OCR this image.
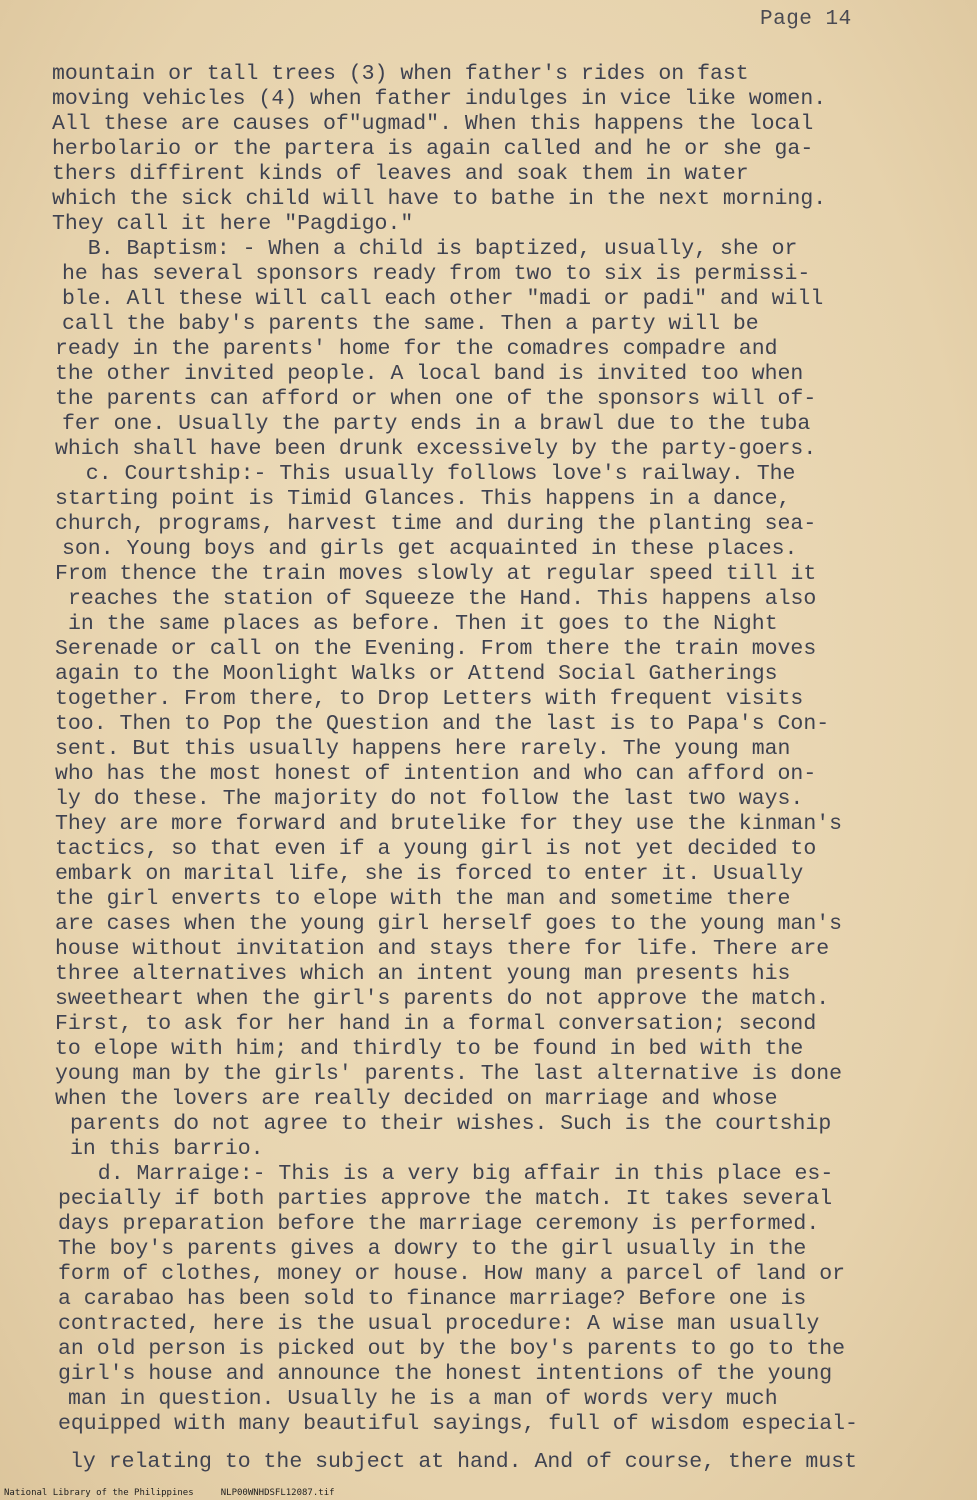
Page 14
mountain or tall trees (3) when father's rides on fast
moving vehicles (4) when father indulges in vice like women.
All these are causes of"ugmad". When this happens the local
herbolario or the partera is again called and he or she ga-
thers diffirent kinds of leaves and soak them in water
which the sick child will have to bathe in the next morning.
They call it here "Pagdigo."
B. Baptism: - When a child is baptized, usually, she or
he has several sponsors ready from two to six is permissi-
ble. All these will call each other "madi or padi" and will
call the baby's parents the same. Then a party will be
ready in the parents' home for the comadres compadre and
the other invited people. A local band is invited too when
the parents can afford or when one of the sponsors will of-
fer one. Usually the party ends in a brawl due to the tuba
which shall have been drunk excessively by the party-goers.
c. Courtship:- This usually follows love's railway. The
starting point is Timid Glances. This happens in a dance,
church, programs, harvest time and during the planting sea-
son. Young boys and girls get acquainted in these places.
From thence the train moves slowly at regular speed till it
reaches the station of Squeeze the Hand. This happens also
in the same places as before. Then it goes to the Night
Serenade or call on the Evening. From there the train moves
again to the Moonlight Walks or Attend Social Gatherings
together. From there, to Drop Letters with frequent visits
too. Then to Pop the Question and the last is to Papa's Con-
sent. But this usually happens here rarely. The young man
who has the most honest of intention and who can afford on-
ly do these. The majority do not follow the last two ways.
They are more forward and brutelike for they use the kinman's
tactics, so that even if a young girl is not yet decided to
embark on marital life, she is forced to enter it. Usually
the girl enverts to elope with the man and sometime there
are cases when the young girl herself goes to the young man's
house without invitation and stays there for life. There are
three alternatives which an intent young man presents his
sweetheart when the girl's parents do not approve the match.
First, to ask for her hand in a formal conversation; second
to elope with him; and thirdly to be found in bed with the
young man by the girls' parents. The last alternative is done
when the lovers are really decided on marriage and whose
parents do not agree to their wishes. Such is the courtship
in this barrio.
d. Marraige:- This is a very big affair in this place es-
pecially if both parties approve the match. It takes several
days preparation before the marriage ceremony is performed.
The boy's parents gives a dowry to the girl usually in the
form of clothes, money or house. How many a parcel of land or
a carabao has been sold to finance marriage? Before one is
contracted, here is the usual procedure: A wise man usually
an old person is picked out by the boy's parents to go to the
girl's house and announce the honest intentions of the young
man in question. Usually he is a man of words very much
equipped with many beautiful sayings, full of wisdom especial-
ly relating to the subject at hand. And of course, there must
National Library of the Philippines     NLP00WNHDSFL12087.tif
